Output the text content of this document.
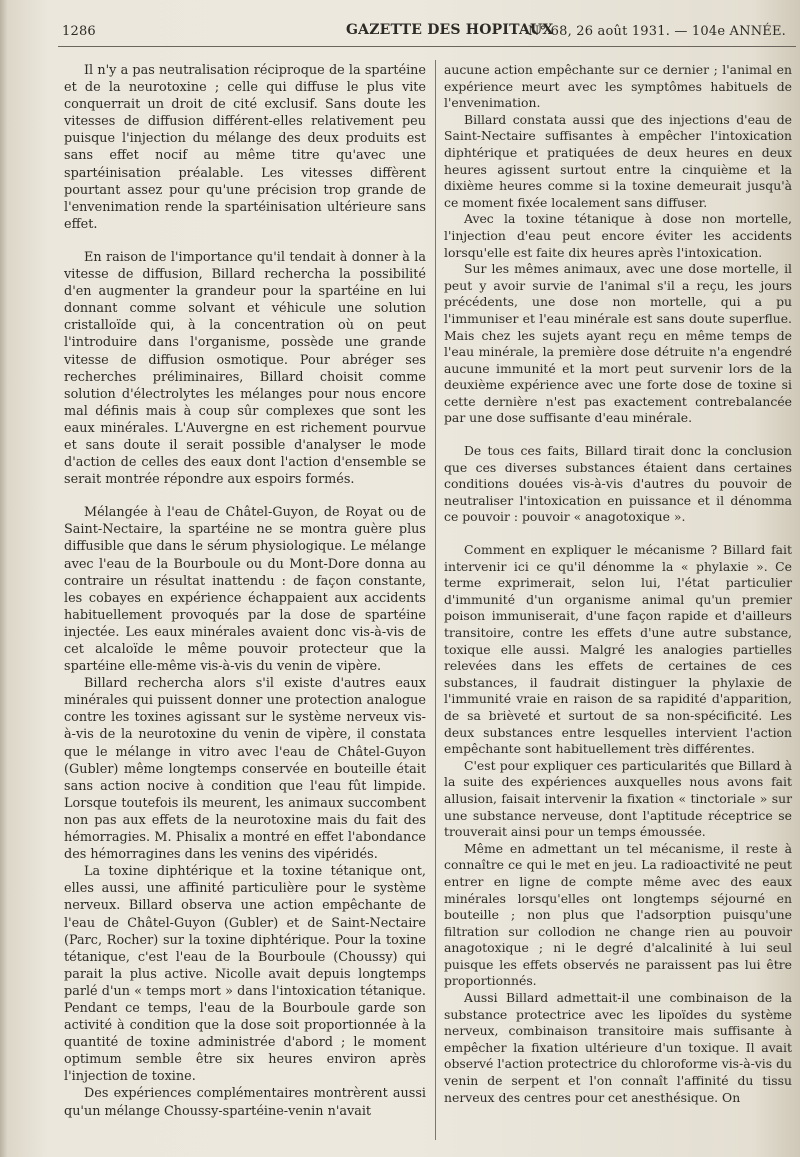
1286	GAZETTE DES HOPITAUX
N° 68, 26 août 1931. — 104e ANNÉE.

Il n'y a pas neutralisation réciproque de la spartéine et de la neurotoxine ; celle qui diffuse le plus vite conquerrait un droit de cité exclusif. Sans doute les vitesses de diffusion différent-elles relativement peu puisque l'injection du mélange des deux produits est sans effet nocif au même titre qu'avec une spartéinisation préalable. Les vitesses diffèrent pourtant assez pour qu'une précision trop grande de l'envenimation rende la spartéinisation ultérieure sans effet.

En raison de l'importance qu'il tendait à donner à la vitesse de diffusion, Billard rechercha la possibilité d'en augmenter la grandeur pour la spartéine en lui donnant comme solvant et véhicule une solution cristalloïde qui, à la concentration où on peut l'introduire dans l'organisme, possède une grande vitesse de diffusion osmotique. Pour abréger ses recherches préliminaires, Billard choisit comme solution d'électrolytes les mélanges pour nous encore mal définis mais à coup sûr complexes que sont les eaux minérales. L'Auvergne en est richement pourvue et sans doute il serait possible d'analyser le mode d'action de celles des eaux dont l'action d'ensemble se serait montrée répondre aux espoirs formés.

Mélangée à l'eau de Châtel-Guyon, de Royat ou de Saint-Nectaire, la spartéine ne se montra guère plus diffusible que dans le sérum physiologique. Le mélange avec l'eau de la Bourboule ou du Mont-Dore donna au contraire un résultat inattendu : de façon constante, les cobayes en expérience échappaient aux accidents habituellement provoqués par la dose de spartéine injectée. Les eaux minérales avaient donc vis-à-vis de cet alcaloïde le même pouvoir protecteur que la spartéine elle-même vis-à-vis du venin de vipère.

Billard rechercha alors s'il existe d'autres eaux minérales qui puissent donner une protection analogue contre les toxines agissant sur le système nerveux vis-à-vis de la neurotoxine du venin de vipère, il constata que le mélange in vitro avec l'eau de Châtel-Guyon (Gubler) même longtemps conservée en bouteille était sans action nocive à condition que l'eau fût limpide. Lorsque toutefois ils meurent, les animaux succombent non pas aux effets de la neurotoxine mais du fait des hémorragies. M. Phisalix a montré en effet l'abondance des hémorragines dans les venins des vipéridés.

La toxine diphtérique et la toxine tétanique ont, elles aussi, une affinité particulière pour le système nerveux. Billard observa une action empêchante de l'eau de Châtel-Guyon (Gubler) et de Saint-Nectaire (Parc, Rocher) sur la toxine diphtérique. Pour la toxine tétanique, c'est l'eau de la Bourboule (Choussy) qui parait la plus active. Nicolle avait depuis longtemps parlé d'un « temps mort » dans l'intoxication tétanique. Pendant ce temps, l'eau de la Bourboule garde son activité à condition que la dose soit proportionnée à la quantité de toxine administrée d'abord ; le moment optimum semble être six heures environ après l'injection de toxine.

Des expériences complémentaires montrèrent aussi qu'un mélange Choussy-spartéine-venin n'avait

aucune action empêchante sur ce dernier ; l'animal en expérience meurt avec les symptômes habituels de l'envenimation.

Billard constata aussi que des injections d'eau de Saint-Nectaire suffisantes à empêcher l'intoxication diphtérique et pratiquées de deux heures en deux heures agissent surtout entre la cinquième et la dixième heures comme si la toxine demeurait jusqu'à ce moment fixée localement sans diffuser.

Avec la toxine tétanique à dose non mortelle, l'injection d'eau peut encore éviter les accidents lorsqu'elle est faite dix heures après l'intoxication.

Sur les mêmes animaux, avec une dose mortelle, il peut y avoir survie de l'animal s'il a reçu, les jours précédents, une dose non mortelle, qui a pu l'immuniser et l'eau minérale est sans doute superflue. Mais chez les sujets ayant reçu en même temps de l'eau minérale, la première dose détruite n'a engendré aucune immunité et la mort peut survenir lors de la deuxième expérience avec une forte dose de toxine si cette dernière n'est pas exactement contrebalancée par une dose suffisante d'eau minérale.

De tous ces faits, Billard tirait donc la conclusion que ces diverses substances étaient dans certaines conditions douées vis-à-vis d'autres du pouvoir de neutraliser l'intoxication en puissance et il dénomma ce pouvoir : pouvoir « anagotoxique ».

Comment en expliquer le mécanisme ? Billard fait intervenir ici ce qu'il dénomme la « phylaxie ». Ce terme exprimerait, selon lui, l'état particulier d'immunité d'un organisme animal qu'un premier poison immuniserait, d'une façon rapide et d'ailleurs transitoire, contre les effets d'une autre substance, toxique elle aussi. Malgré les analogies partielles relevées dans les effets de certaines de ces substances, il faudrait distinguer la phylaxie de l'immunité vraie en raison de sa rapidité d'apparition, de sa brièveté et surtout de sa non-spécificité. Les deux substances entre lesquelles intervient l'action empêchante sont habituellement très différentes.

C'est pour expliquer ces particularités que Billard à la suite des expériences auxquelles nous avons fait allusion, faisait intervenir la fixation « tinctoriale » sur une substance nerveuse, dont l'aptitude réceptrice se trouverait ainsi pour un temps émoussée.

Même en admettant un tel mécanisme, il reste à connaître ce qui le met en jeu. La radioactivité ne peut entrer en ligne de compte même avec des eaux minérales lorsqu'elles ont longtemps séjourné en bouteille ; non plus que l'adsorption puisqu'une filtration sur collodion ne change rien au pouvoir anagotoxique ; ni le degré d'alcalinité à lui seul puisque les effets observés ne paraissent pas lui être proportionnés.

Aussi Billard admettait-il une combinaison de la substance protectrice avec les lipoïdes du système nerveux, combinaison transitoire mais suffisante à empêcher la fixation ultérieure d'un toxique. Il avait observé l'action protectrice du chloroforme vis-à-vis du venin de serpent et l'on connaît l'affinité du tissu nerveux des centres pour cet anesthésique. On
